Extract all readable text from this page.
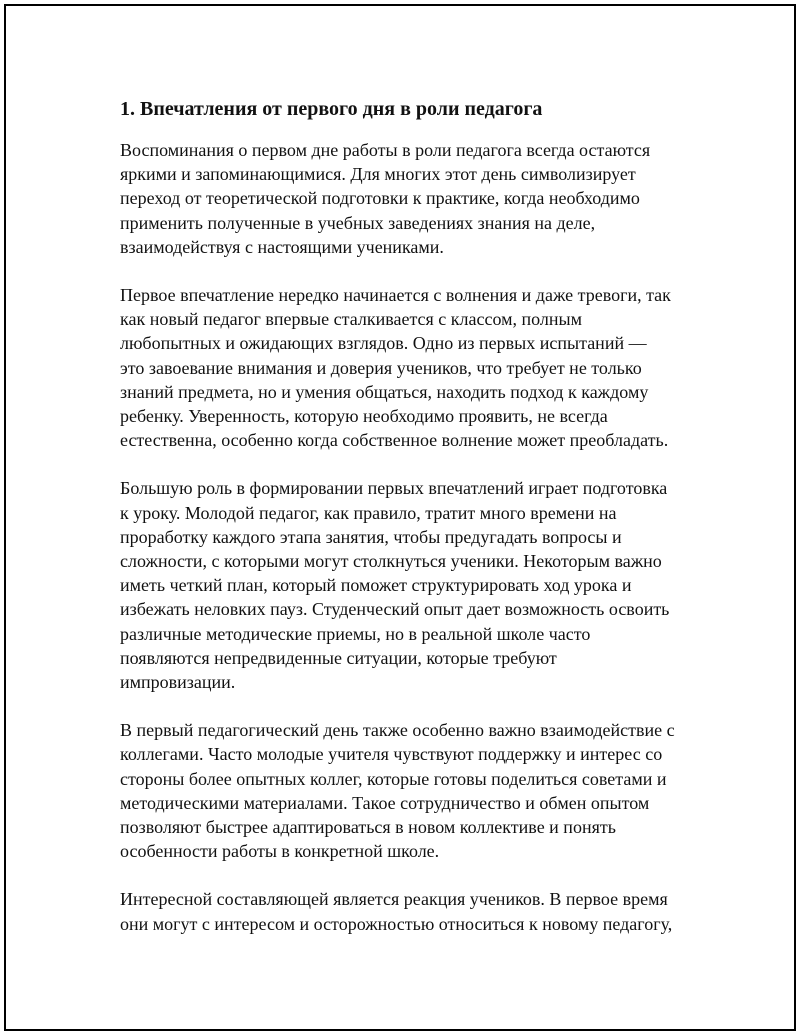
1. Впечатления от первого дня в роли педагога

Воспоминания о первом дне работы в роли педагога всегда остаются
яркими и запоминающимися. Для многих этот день символизирует
переход от теоретической подготовки к практике, когда необходимо
применить полученные в учебных заведениях знания на деле,
взаимодействуя с настоящими учениками.

Первое впечатление нередко начинается с волнения и даже тревоги, так
как новый педагог впервые сталкивается с классом, полным
любопытных и ожидающих взглядов. Одно из первых испытаний —
это завоевание внимания и доверия учеников, что требует не только
знаний предмета, но и умения общаться, находить подход к каждому
ребенку. Уверенность, которую необходимо проявить, не всегда
естественна, особенно когда собственное волнение может преобладать.

Большую роль в формировании первых впечатлений играет подготовка
к уроку. Молодой педагог, как правило, тратит много времени на
проработку каждого этапа занятия, чтобы предугадать вопросы и
сложности, с которыми могут столкнуться ученики. Некоторым важно
иметь четкий план, который поможет структурировать ход урока и
избежать неловких пауз. Студенческий опыт дает возможность освоить
различные методические приемы, но в реальной школе часто
появляются непредвиденные ситуации, которые требуют
импровизации.

В первый педагогический день также особенно важно взаимодействие с
коллегами. Часто молодые учителя чувствуют поддержку и интерес со
стороны более опытных коллег, которые готовы поделиться советами и
методическими материалами. Такое сотрудничество и обмен опытом
позволяют быстрее адаптироваться в новом коллективе и понять
особенности работы в конкретной школе.

Интересной составляющей является реакция учеников. В первое время
они могут с интересом и осторожностью относиться к новому педагогу,
